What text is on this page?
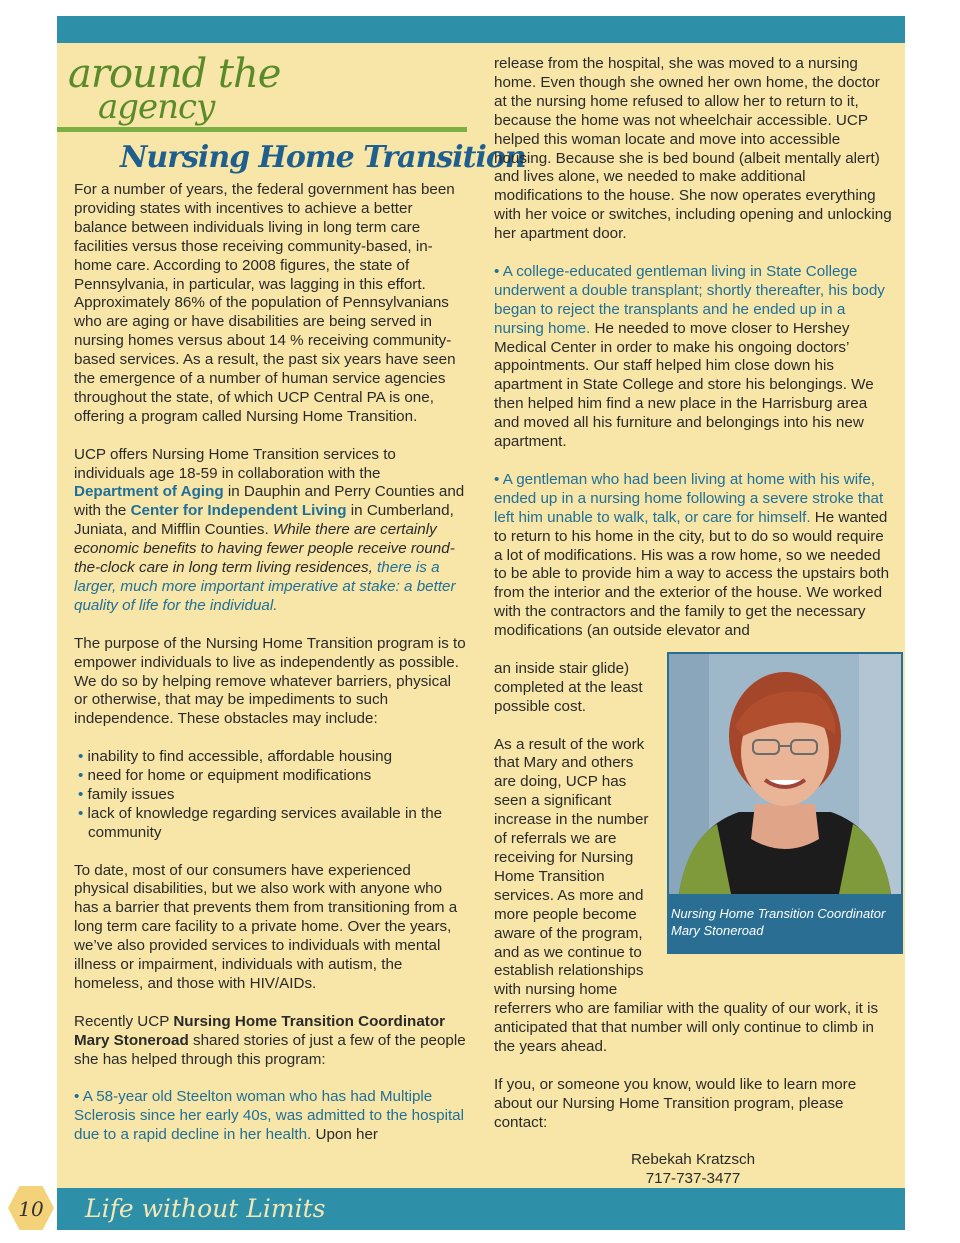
around the
agency
Nursing Home Transition

For a number of years, the federal government has been providing states with incentives to achieve a better balance between individuals living in long term care facilities versus those receiving community-based, in-home care. According to 2008 figures, the state of Pennsylvania, in particular, was lagging in this effort. Approximately 86% of the population of Pennsylvanians who are aging or have disabilities are being served in nursing homes versus about 14 % receiving community-based services. As a result, the past six years have seen the emergence of a number of human service agencies throughout the state, of which UCP Central PA is one, offering a program called Nursing Home Transition.

UCP offers Nursing Home Transition services to individuals age 18-59 in collaboration with the Department of Aging in Dauphin and Perry Counties and with the Center for Independent Living in Cumberland, Juniata, and Mifflin Counties. While there are certainly economic benefits to having fewer people receive round-the-clock care in long term living residences, there is a larger, much more important imperative at stake: a better quality of life for the individual.

The purpose of the Nursing Home Transition program is to empower individuals to live as independently as possible. We do so by helping remove whatever barriers, physical or otherwise, that may be impediments to such independence. These obstacles may include:

• inability to find accessible, affordable housing
• need for home or equipment modifications
• family issues
• lack of knowledge regarding services available in the community

To date, most of our consumers have experienced physical disabilities, but we also work with anyone who has a barrier that prevents them from transitioning from a long term care facility to a private home. Over the years, we’ve also provided services to individuals with mental illness or impairment, individuals with autism, the homeless, and those with HIV/AIDs.

Recently UCP Nursing Home Transition Coordinator Mary Stoneroad shared stories of just a few of the people she has helped through this program:

• A 58-year old Steelton woman who has had Multiple Sclerosis since her early 40s, was admitted to the hospital due to a rapid decline in her health. Upon her

release from the hospital, she was moved to a nursing home. Even though she owned her own home, the doctor at the nursing home refused to allow her to return to it, because the home was not wheelchair accessible. UCP helped this woman locate and move into accessible housing. Because she is bed bound (albeit mentally alert) and lives alone, we needed to make additional modifications to the house. She now operates everything with her voice or switches, including opening and unlocking her apartment door.

• A college-educated gentleman living in State College underwent a double transplant; shortly thereafter, his body began to reject the transplants and he ended up in a nursing home. He needed to move closer to Hershey Medical Center in order to make his ongoing doctors’ appointments. Our staff helped him close down his apartment in State College and store his belongings. We then helped him find a new place in the Harrisburg area and moved all his furniture and belongings into his new apartment.

• A gentleman who had been living at home with his wife, ended up in a nursing home following a severe stroke that left him unable to walk, talk, or care for himself. He wanted to return to his home in the city, but to do so would require a lot of modifications. His was a row home, so we needed to be able to provide him a way to access the upstairs both from the interior and the exterior of the house. We worked with the contractors and the family to get the necessary modifications (an outside elevator and

an inside stair glide)
completed at the least
possible cost.
As a result of the work
that Mary and others
are doing, UCP has
seen a significant
increase in the number
of referrals we are
receiving for Nursing
Home Transition
services. As more and
more people become
aware of the program,
and as we continue to
establish relationships
with nursing home

referrers who are familiar with the quality of our work, it is anticipated that that number will only continue to climb in the years ahead.

If you, or someone you know, would like to learn more about our Nursing Home Transition program, please contact:

Rebekah Kratzsch
717-737-3477
Nursing Home Transition Coordinator Mary Stoneroad
Life without Limits
10
